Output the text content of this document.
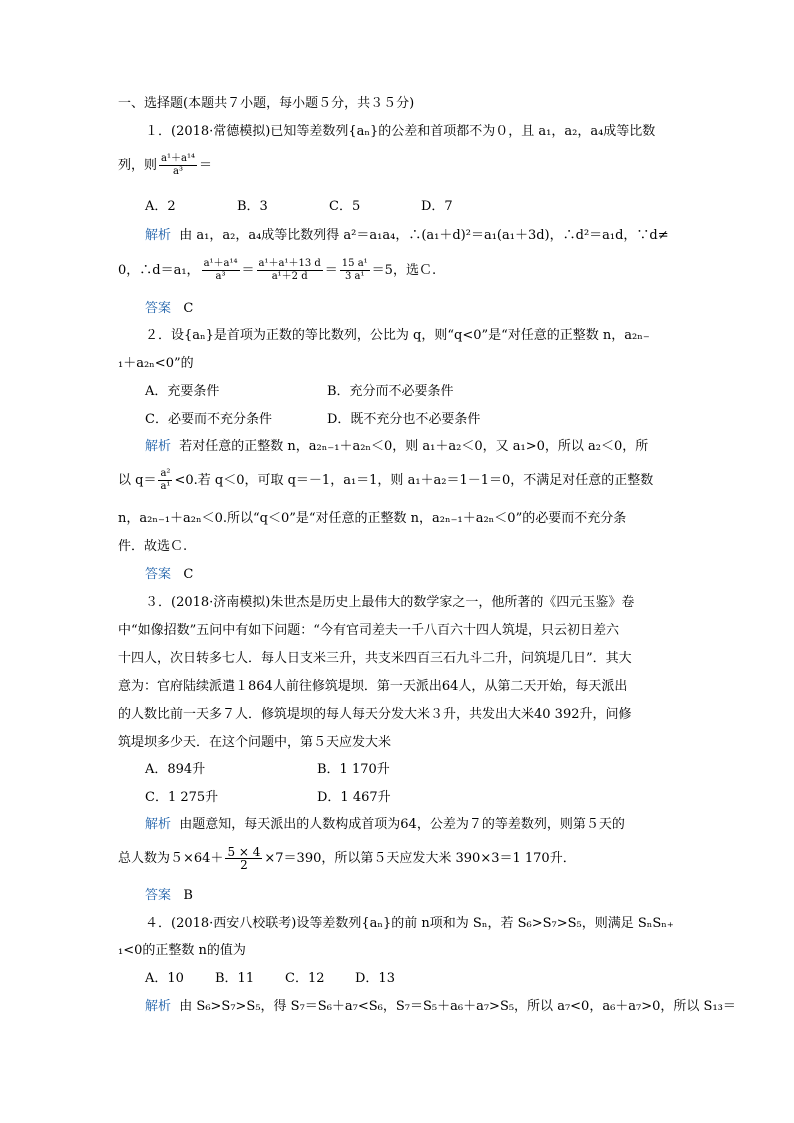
一、选择题(本题共７小题，每小题５分，共３５分)
１．(2018·常德模拟)已知等差数列{aₙ}的公差和首项都不为０，且 a₁，a₂，a₄成等比数
列，则 $\frac{\text{a¹＋a¹⁴}}{\text{a³}}$ ＝
A．2	B．3	C．5	D．7
解析 由 a₁，a₂，a₄成等比数列得 a²＝a₁a₄，∴(a₁＋d)²＝a₁(a₁＋3d)，∴d²＝a₁d，∵d≠
0，∴d＝a₁， $\frac{\text{a¹＋a¹⁴}}{\text{a³}} = \frac{\text{a¹＋a¹＋13 d}}{\text{a¹＋2 d}} = \frac{\text{15 a¹}}{\text{3 a¹}} =5$，选Ｃ.
答案 C
２．设{aₙ}是首项为正数的等比数列，公比为 q，则“q<0”是“对任意的正整数 n，a₂ₙ₋
₁＋a₂ₙ<0”的
A．充要条件	B．充分而不必要条件
C．必要而不充分条件	D．既不充分也不必要条件
解析 若对任意的正整数 n，a₂ₙ₋₁＋a₂ₙ＜0，则 a₁＋a₂＜0，又 a₁>0，所以 a₂＜0，所
以 $q= \frac{\text{a²}}{\text{a¹}} <0$.若 q＜0，可取 q＝－1，a₁＝1，则 a₁＋a₂＝1－1＝0，不满足对任意的正整数
n，a₂ₙ₋₁＋a₂ₙ＜0.所以“q＜0”是“对任意的正整数 n，a₂ₙ₋₁＋a₂ₙ＜0”的必要而不充分条
件．故选Ｃ.
答案 C
３．(2018·济南模拟)朱世杰是历史上最伟大的数学家之一，他所著的《四元玉鉴》卷
中“如像招数”五问中有如下问题：“今有官司差夫一千八百六十四人筑堤，只云初日差六
十四人，次日转多七人．每人日支米三升，共支米四百三石九斗二升，问筑堤几日”．其大
意为：官府陆续派遣１864人前往修筑堤坝．第一天派出64人，从第二天开始，每天派出
的人数比前一天多７人．修筑堤坝的每人每天分发大米３升，共发出大米40 392升，问修
筑堤坝多少天．在这个问题中，第５天应发大米
A．894升	B．1 170升
C．1 275升	D．1 467升
解析 由题意知，每天派出的人数构成首项为64，公差为７的等差数列，则第５天的
总人数为$5\times 64+ \frac{5 \times 4}{2} \times 7=390$，所以第５天应发大米 390×3＝1 170升．
答案 B
４．(2018·西安八校联考)设等差数列{aₙ}的前 n项和为 Sₙ，若 S₆>S₇>S₅，则满足 SₙSₙ₊
₁<0的正整数 n的值为
A．10 B．11 C．12 D．13
解析 由 S₆>S₇>S₅，得 S₇＝S₆＋a₇<S₆，S₇＝S₅＋a₆＋a₇>S₅，所以 a₇<0，a₆＋a₇>0，所以 S₁₃＝
